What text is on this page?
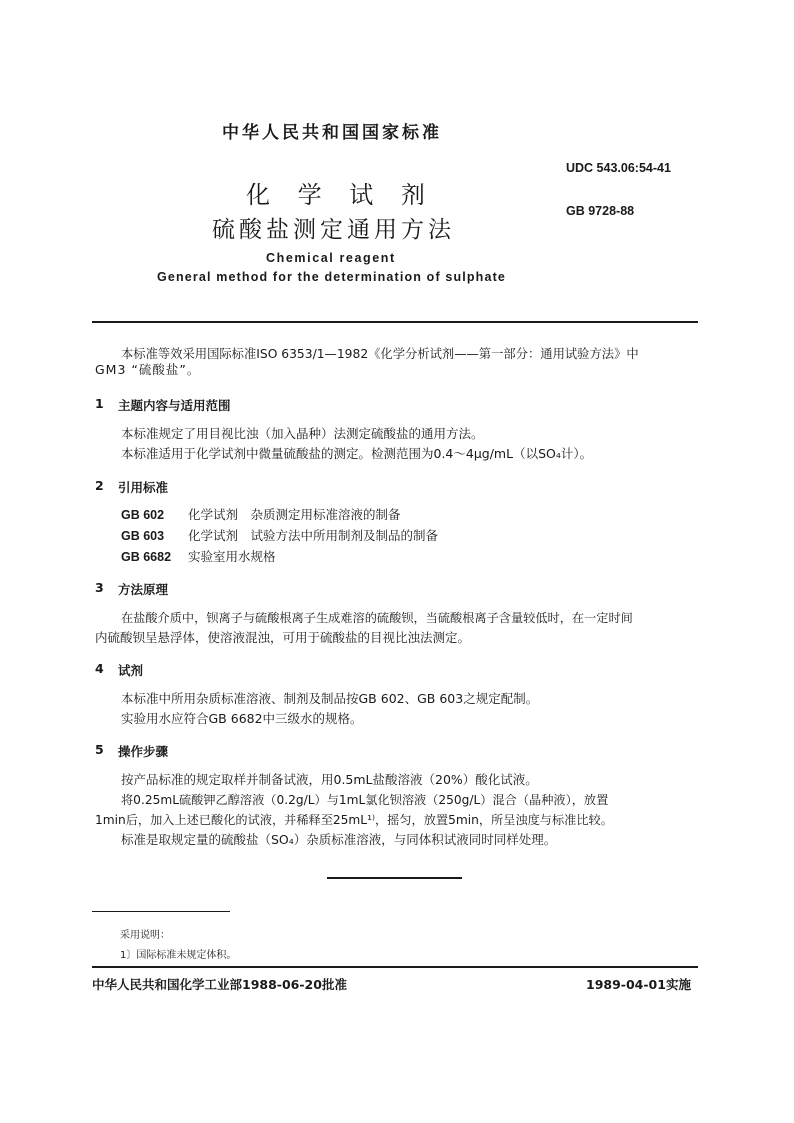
中华人民共和国国家标准
UDC 543.06:54-41
GB 9728-88
化 学 试 剂
硫酸盐测定通用方法
Chemical reagent
General method for the determination of sulphate
本标准等效采用国际标准ISO 6353/1—1982《化学分析试剂——第一部分：通用试验方法》中
GM3 “硫酸盐”。
1 主题内容与适用范围
本标准规定了用目视比浊（加入晶种）法测定硫酸盐的通用方法。
本标准适用于化学试剂中微量硫酸盐的测定。检测范围为0.4～4μg/mL（以SO₄计）。
2 引用标准
GB 602 化学试剂　杂质测定用标准溶液的制备
GB 603 化学试剂　试验方法中所用制剂及制品的制备
GB 6682 实验室用水规格
3 方法原理
在盐酸介质中，钡离子与硫酸根离子生成难溶的硫酸钡，当硫酸根离子含量较低时，在一定时间
内硫酸钡呈悬浮体，使溶液混浊，可用于硫酸盐的目视比浊法测定。
4 试剂
本标准中所用杂质标准溶液、制剂及制品按GB 602、GB 603之规定配制。
实验用水应符合GB 6682中三级水的规格。
5 操作步骤
按产品标准的规定取样并制备试液，用0.5mL盐酸溶液（20%）酸化试液。
将0.25mL硫酸钾乙醇溶液（0.2g/L）与1mL氯化钡溶液（250g/L）混合（晶种液），放置
1min后，加入上述已酸化的试液，并稀释至25mL¹⁾，摇匀，放置5min，所呈浊度与标准比较。
标准是取规定量的硫酸盐（SO₄）杂质标准溶液，与同体积试液同时同样处理。
采用说明：
1〕国际标准未规定体积。
中华人民共和国化学工业部1988-06-20批准	1989-04-01实施
